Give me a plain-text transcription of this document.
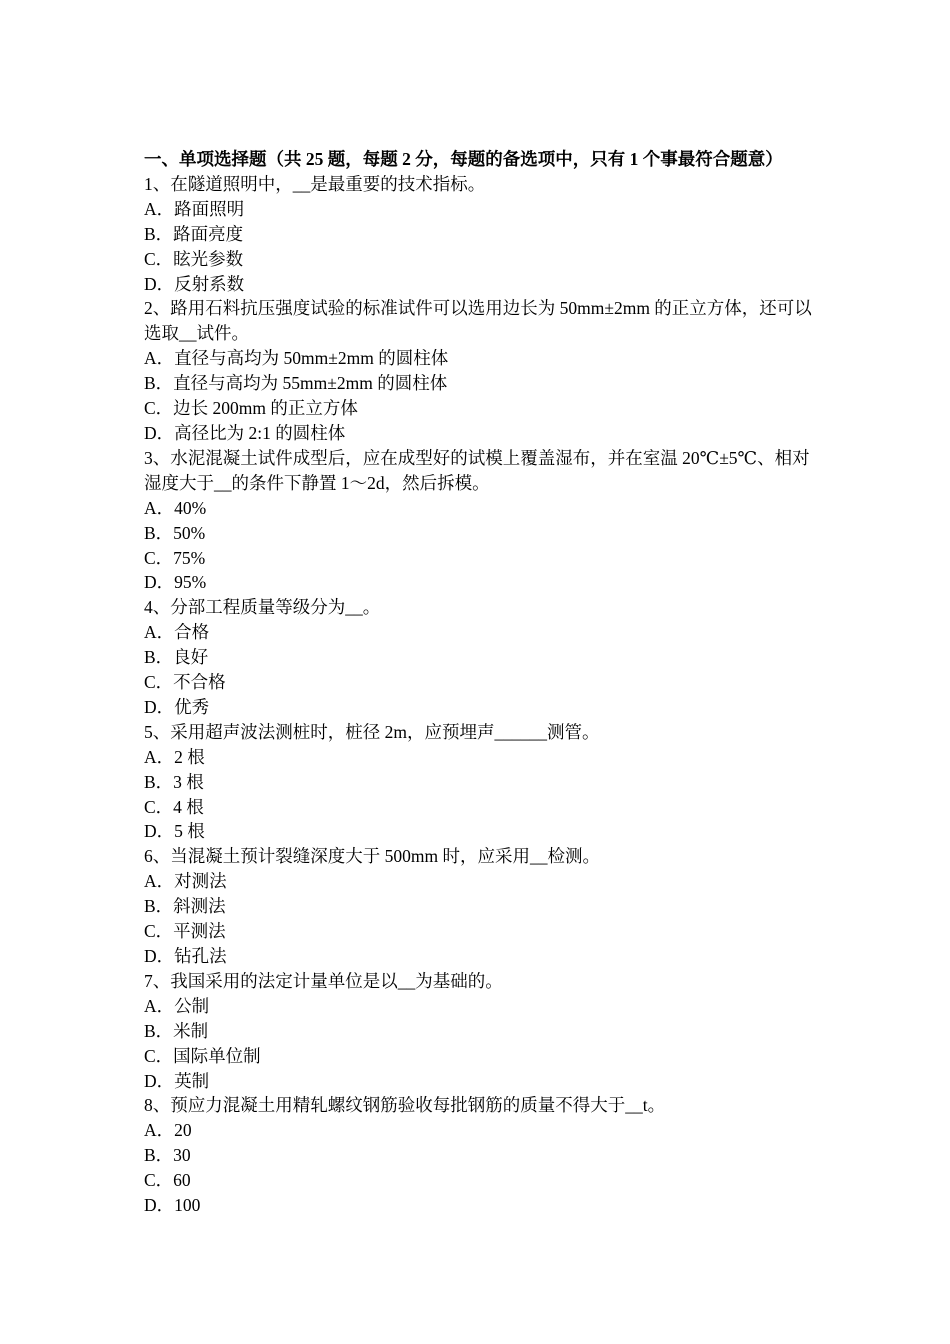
一、单项选择题（共 25 题，每题 2 分，每题的备选项中，只有 1 个事最符合题意）
1、在隧道照明中，__是最重要的技术指标。
A．路面照明
B．路面亮度
C．眩光参数
D．反射系数
2、路用石料抗压强度试验的标准试件可以选用边长为 50mm±2mm 的正立方体，还可以选取__试件。
A．直径与高均为 50mm±2mm 的圆柱体
B．直径与高均为 55mm±2mm 的圆柱体
C．边长 200mm 的正立方体
D．高径比为 2:1 的圆柱体
3、水泥混凝土试件成型后，应在成型好的试模上覆盖湿布，并在室温 20℃±5℃、相对湿度大于__的条件下静置 1～2d，然后拆模。
A．40%
B．50%
C．75%
D．95%
4、分部工程质量等级分为__。
A．合格
B．良好
C．不合格
D．优秀
5、采用超声波法测桩时，桩径 2m，应预埋声______测管。
A．2 根
B．3 根
C．4 根
D．5 根
6、当混凝土预计裂缝深度大于 500mm 时，应采用__检测。
A．对测法
B．斜测法
C．平测法
D．钻孔法
7、我国采用的法定计量单位是以__为基础的。
A．公制
B．米制
C．国际单位制
D．英制
8、预应力混凝土用精轧螺纹钢筋验收每批钢筋的质量不得大于__t。
A．20
B．30
C．60
D．100
